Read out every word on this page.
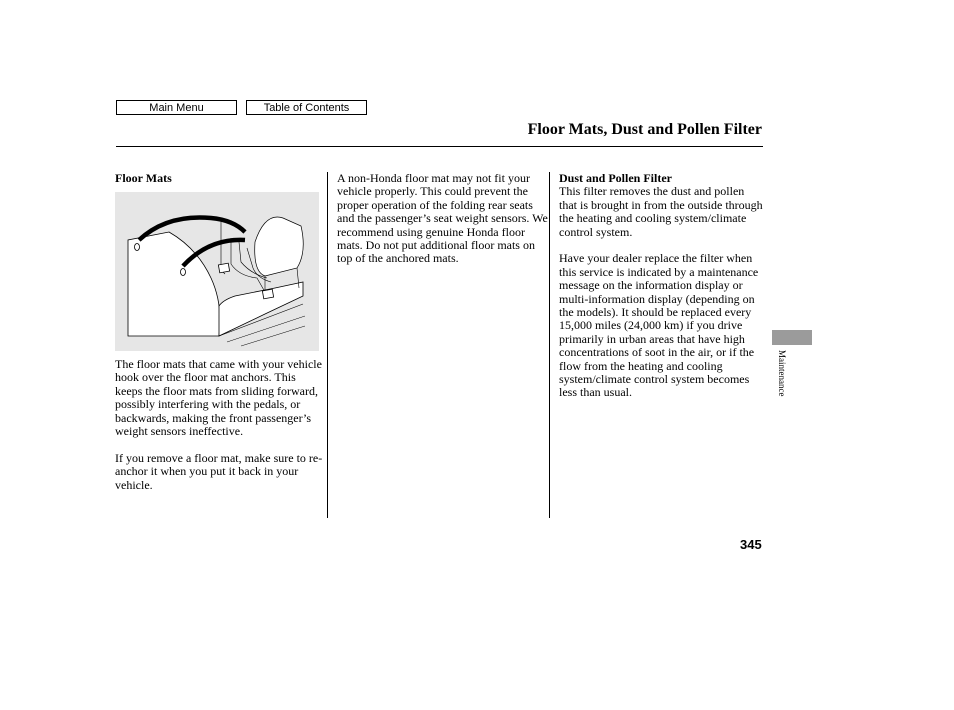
Main Menu	Table of Contents
Floor Mats, Dust and Pollen Filter
Floor Mats

The floor mats that came with your vehicle hook over the floor mat anchors. This keeps the floor mats from sliding forward, possibly interfering with the pedals, or backwards, making the front passenger’s weight sensors ineffective.

If you remove a floor mat, make sure to re-anchor it when you put it back in your vehicle.

A non-Honda floor mat may not fit your vehicle properly. This could prevent the proper operation of the folding rear seats and the passenger’s seat weight sensors. We recommend using genuine Honda floor mats. Do not put additional floor mats on top of the anchored mats.

Dust and Pollen Filter

This filter removes the dust and pollen that is brought in from the outside through the heating and cooling system/climate control system.

Have your dealer replace the filter when this service is indicated by a maintenance message on the information display or multi-information display (depending on the models). It should be replaced every 15,000 miles (24,000 km) if you drive primarily in urban areas that have high concentrations of soot in the air, or if the flow from the heating and cooling system/climate control system becomes less than usual.	Maintenance
345
